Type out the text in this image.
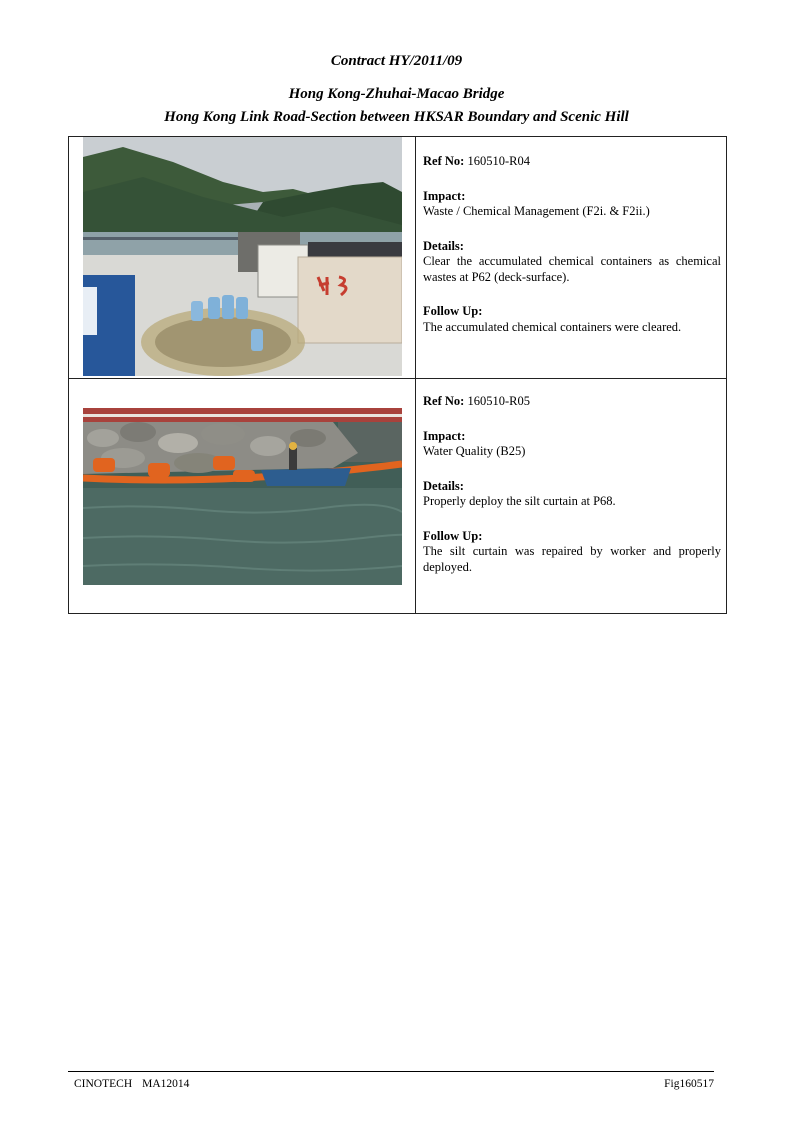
Contract HY/2011/09
Hong Kong-Zhuhai-Macao Bridge
Hong Kong Link Road-Section between HKSAR Boundary and Scenic Hill
Ref No: 160510-R04
Impact:
Waste / Chemical Management (F2i. & F2ii.)
Details:
Clear the accumulated chemical containers as chemical wastes at P62 (deck-surface).
Follow Up:
The accumulated chemical containers were cleared.
Ref No: 160510-R05
Impact:
Water Quality (B25)
Details:
Properly deploy the silt curtain at P68.
Follow Up:
The silt curtain was repaired by worker and properly deployed.
CINOTECH MA12014	Fig160517
